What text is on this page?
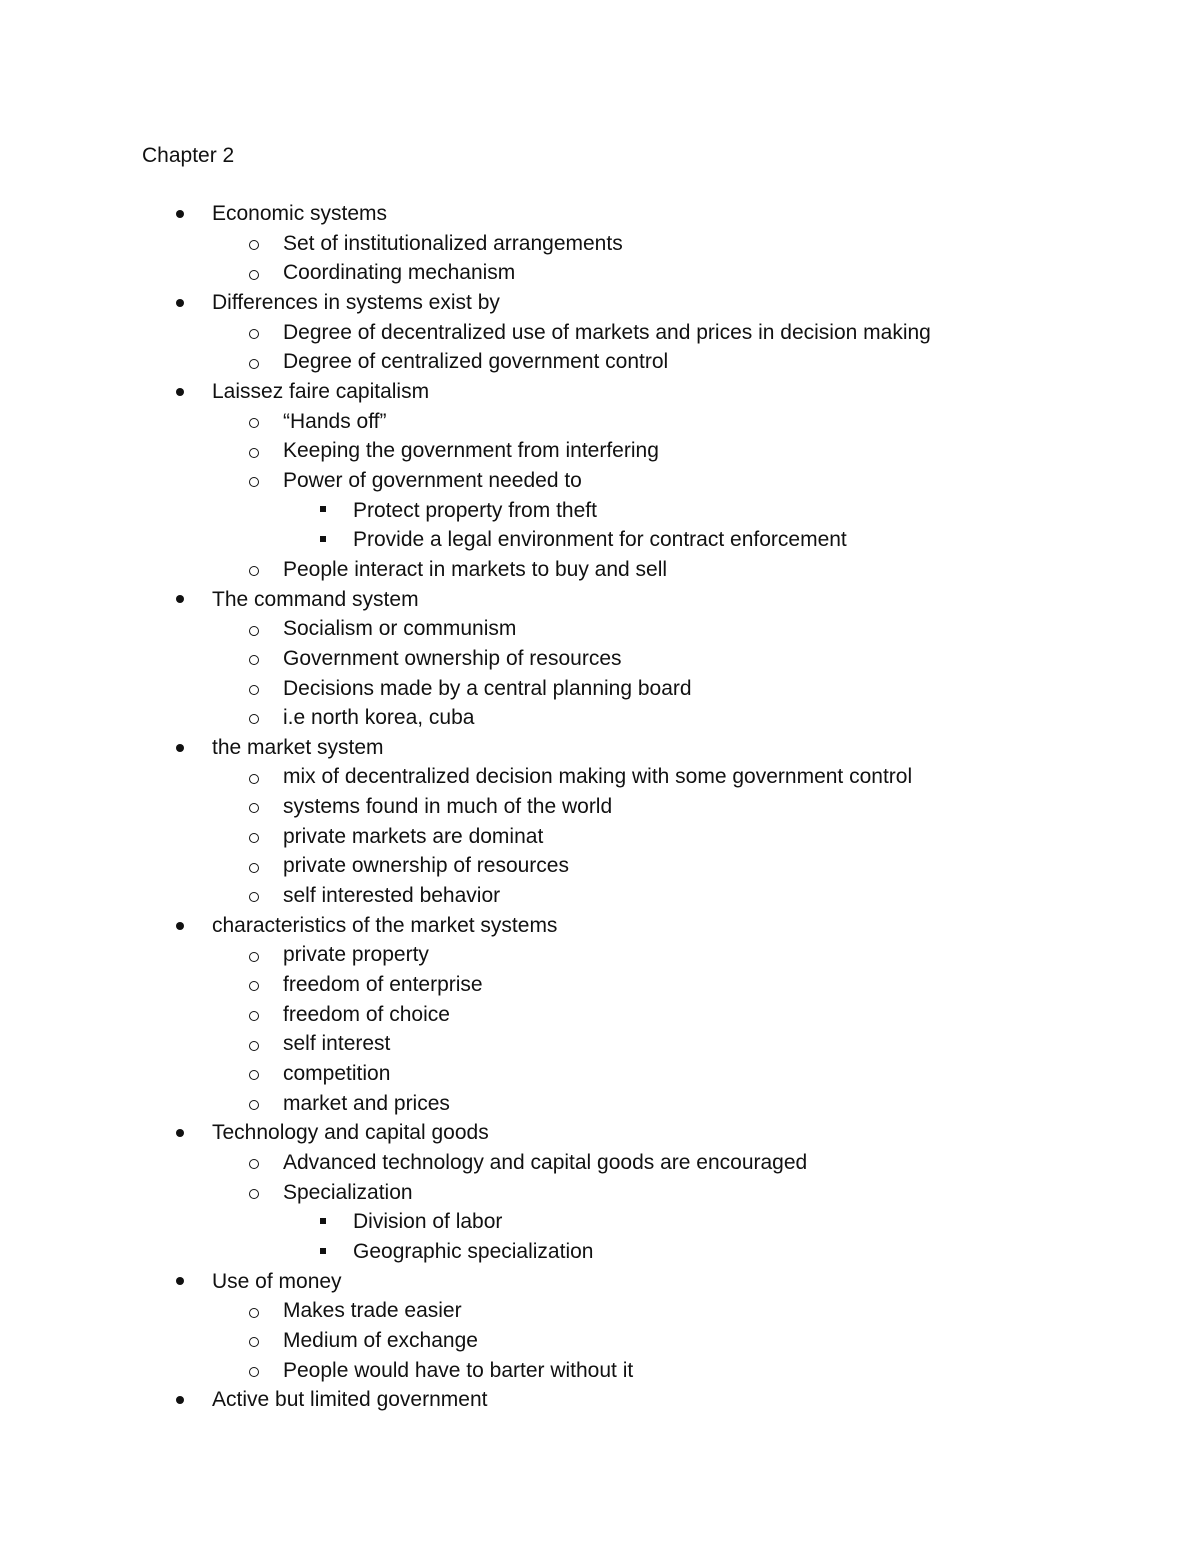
Chapter 2
Economic systems
Set of institutionalized arrangements
Coordinating mechanism
Differences in systems exist by
Degree of decentralized use of markets and prices in decision making
Degree of centralized government control
Laissez faire capitalism
“Hands off”
Keeping the government from interfering
Power of government needed to
Protect property from theft
Provide a legal environment for contract enforcement
People interact in markets to buy and sell
The command system
Socialism or communism
Government ownership of resources
Decisions made by a central planning board
i.e north korea, cuba
the market system
mix of decentralized decision making with some government control
systems found in much of the world
private markets are dominat
private ownership of resources
self interested behavior
characteristics of the market systems
private property
freedom of enterprise
freedom of choice
self interest
competition
market and prices
Technology and capital goods
Advanced technology and capital goods are encouraged
Specialization
Division of labor
Geographic specialization
Use of money
Makes trade easier
Medium of exchange
People would have to barter without it
Active but limited government
